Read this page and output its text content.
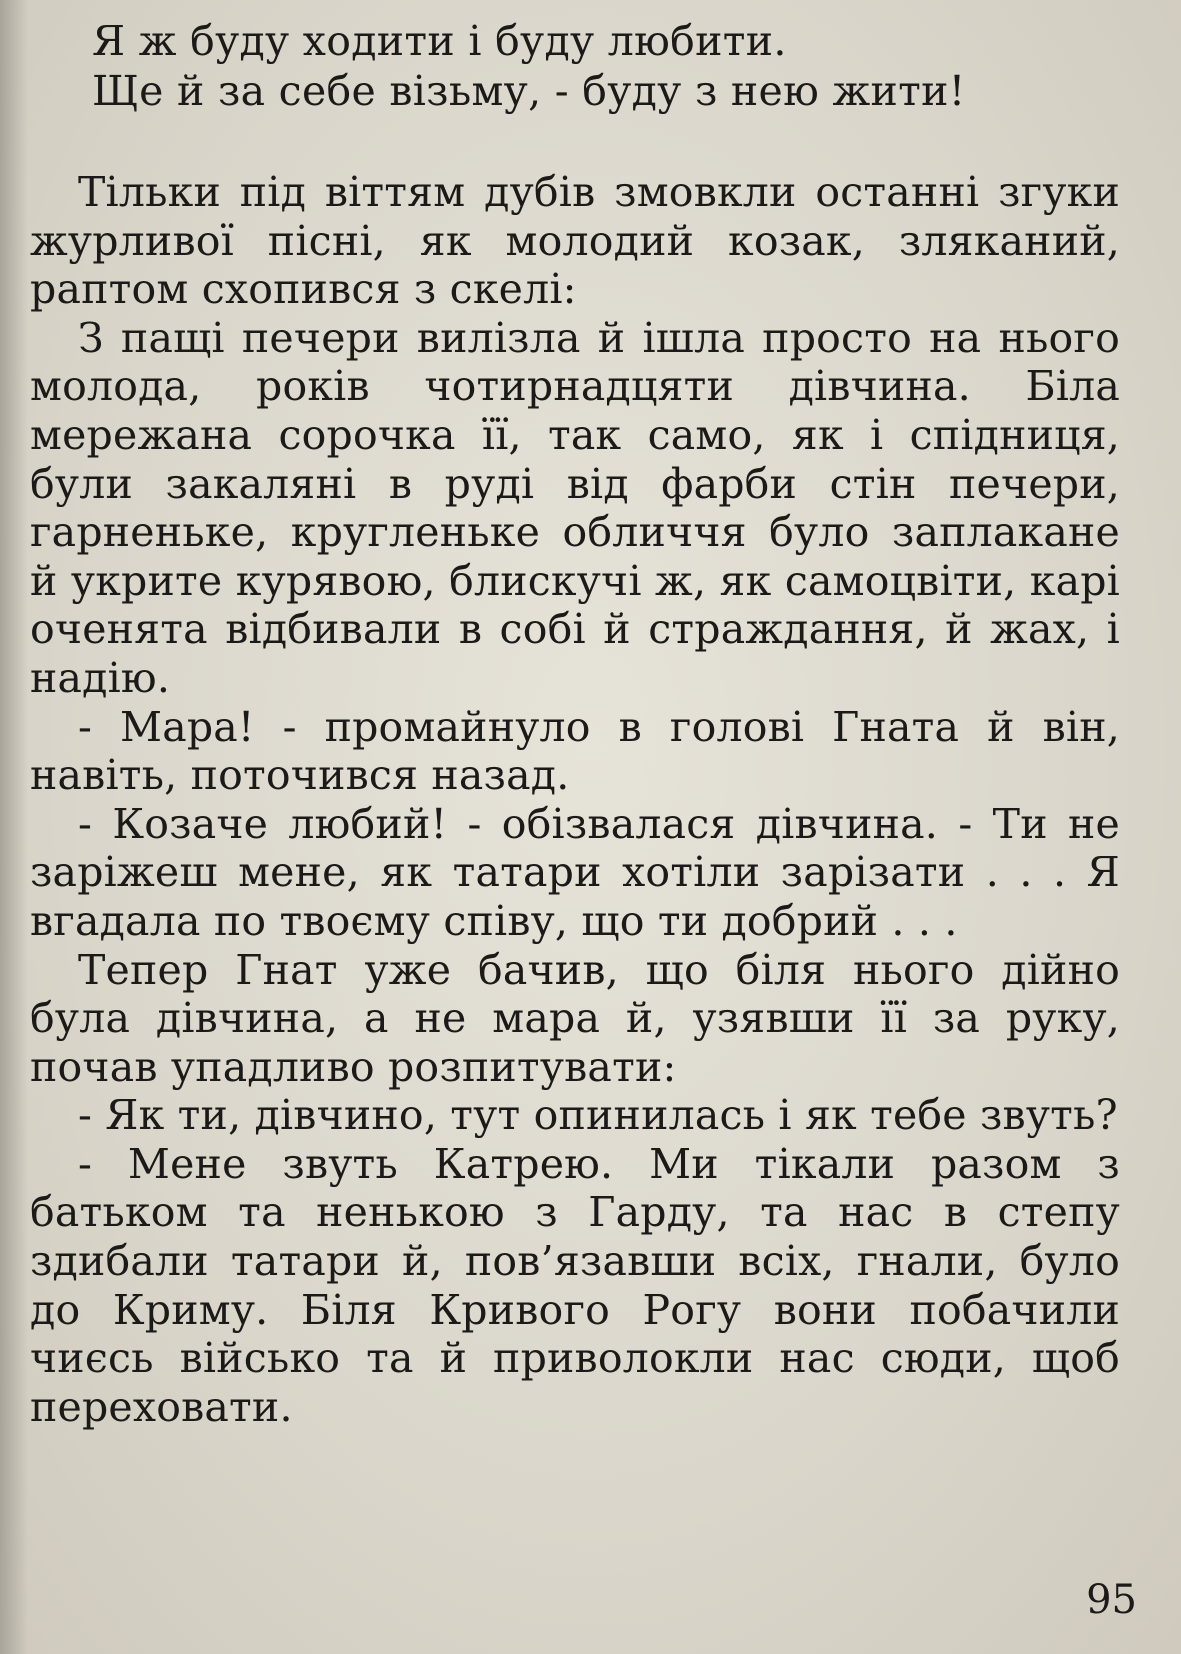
Я ж буду ходити і буду любити.
Ще й за себе візьму, - буду з нею жити!

Тільки під віттям дубів змовкли останні згуки журливої пісні, як молодий козак, зляканий, раптом схопився з скелі:

З пащі печери вилізла й ішла просто на нього молода, років чотирнадцяти дівчина. Біла мережана сорочка її, так само, як і спідниця, були закаляні в руді від фарби стін печери, гарненьке, кругленьке обличчя було заплакане й укрите курявою, блискучі ж, як самоцвіти, карі оченята відбивали в собі й страждання, й жах, і надію.

- Мара! - промайнуло в голові Гната й він, навіть, поточився назад.

- Козаче любий! - обізвалася дівчина. - Ти не заріжеш мене, як татари хотіли зарізати . . . Я вгадала по твоєму співу, що ти добрий . . .

Тепер Гнат уже бачив, що біля нього дійно була дівчина, а не мара й, узявши її за руку, почав упадливо розпитувати:

- Як ти, дівчино, тут опинилась і як тебе звуть?

- Мене звуть Катрею. Ми тікали разом з батьком та ненькою з Гарду, та нас в степу здибали татари й, пов’язавши всіх, гнали, було до Криму. Біля Кривого Рогу вони побачили чиєсь військо та й приволокли нас сюди, щоб переховати.

95
